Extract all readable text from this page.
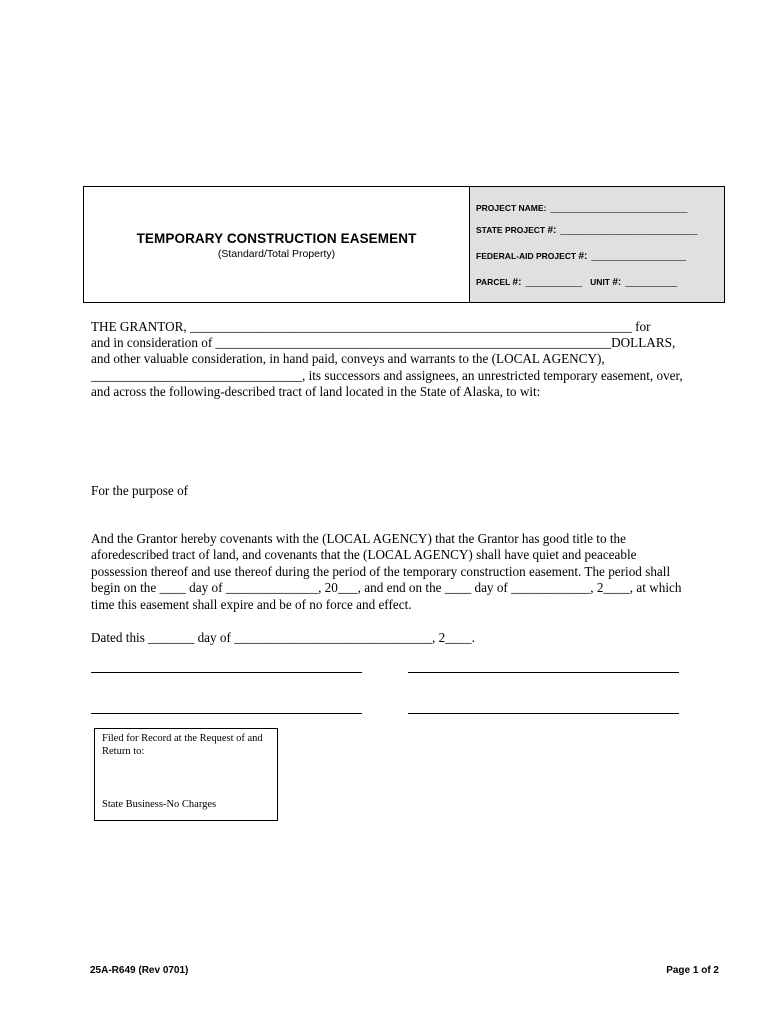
TEMPORARY CONSTRUCTION EASEMENT
(Standard/Total Property)
PROJECT NAME: _____________________________
STATE PROJECT #: _____________________________
FEDERAL-AID PROJECT #: ____________________
PARCEL #: ____________ UNIT #: ___________
THE GRANTOR, ___________________________________________________________________ for
and in consideration of ____________________________________________________________DOLLARS,
and other valuable consideration, in hand paid, conveys and warrants to the (LOCAL AGENCY),
________________________________, its successors and assignees, an unrestricted temporary easement, over,
and across the following-described tract of land located in the State of Alaska, to wit:
For the purpose of
And the Grantor hereby covenants with the (LOCAL AGENCY) that the Grantor has good title to the
aforedescribed tract of land, and covenants that the (LOCAL AGENCY) shall have quiet and peaceable
possession thereof and use thereof during the period of the temporary construction easement. The period shall
begin on the ____ day of ______________, 20___, and end on the ____ day of ____________, 2____, at which
time this easement shall expire and be of no force and effect.
Dated this _______ day of ______________________________, 2____.
Filed for Record at the Request of and Return to:
State Business-No Charges
25A-R649 (Rev 0701)	Page 1 of 2
